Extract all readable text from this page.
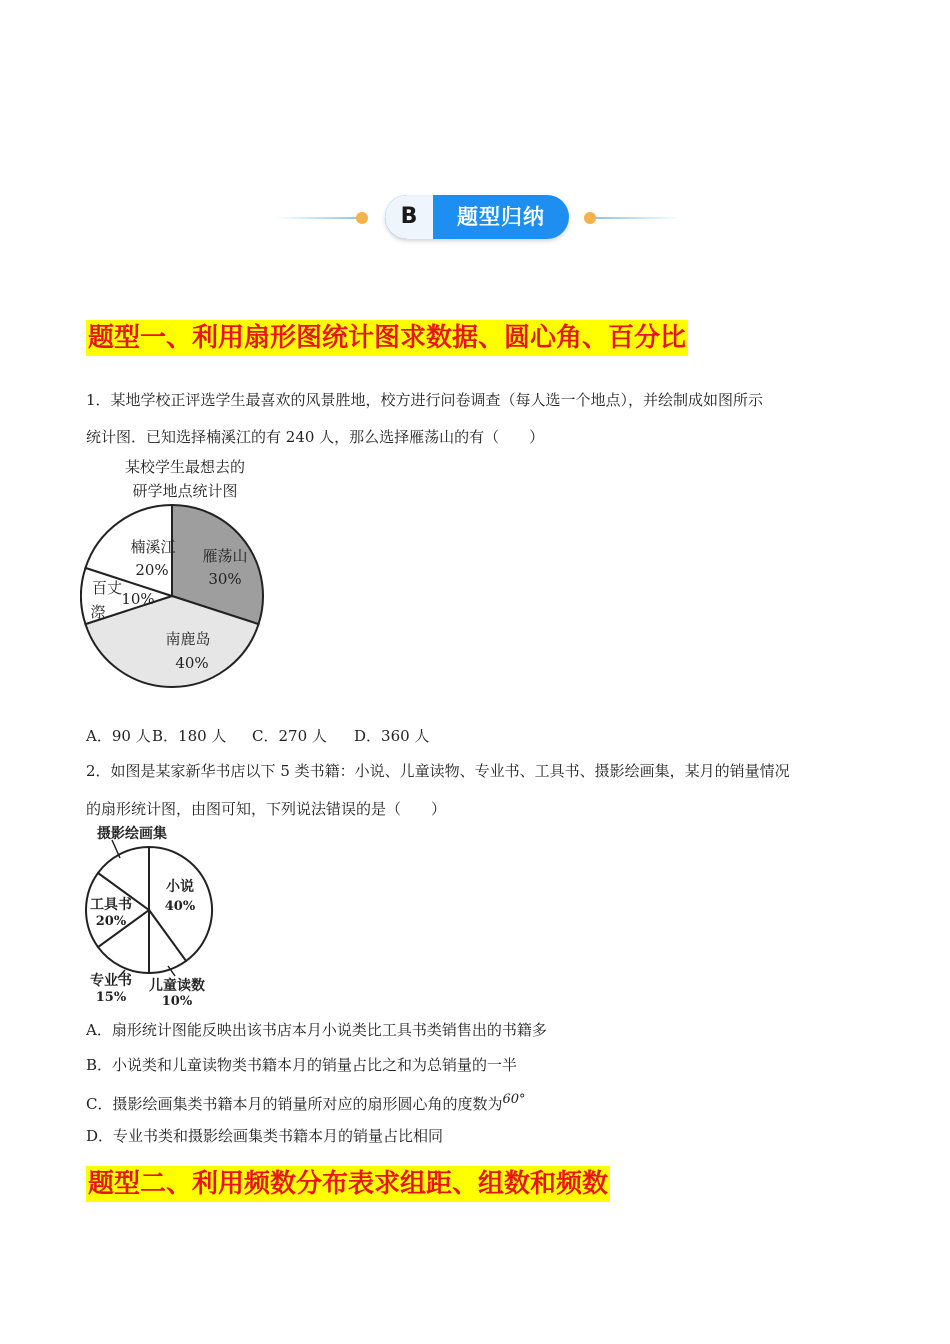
B	题型归纳
题型一、利用扇形图统计图求数据、圆心角、百分比
1．某地学校正评选学生最喜欢的风景胜地，校方进行问卷调查（每人选一个地点），并绘制成如图所示
统计图．已知选择楠溪江的有 240 人，那么选择雁荡山的有（　　）
某校学生最想去的
研学地点统计图
雁荡山
30%
南鹿岛
40%
百丈
漈
10%
楠溪江
20%
A．90 人 B．180 人 C．270 人 D．360 人
2．如图是某家新华书店以下 5 类书籍：小说、儿童读物、专业书、工具书、摄影绘画集，某月的销量情况
的扇形统计图，由图可知，下列说法错误的是（　　）
小说
40%
儿童读数
10%
专业书
15%
工具书
20%
摄影绘画集
A．扇形统计图能反映出该书店本月小说类比工具书类销售出的书籍多
B．小说类和儿童读物类书籍本月的销量占比之和为总销量的一半
C．摄影绘画集类书籍本月的销量所对应的扇形圆心角的度数为60°
D．专业书类和摄影绘画集类书籍本月的销量占比相同
题型二、利用频数分布表求组距、组数和频数
